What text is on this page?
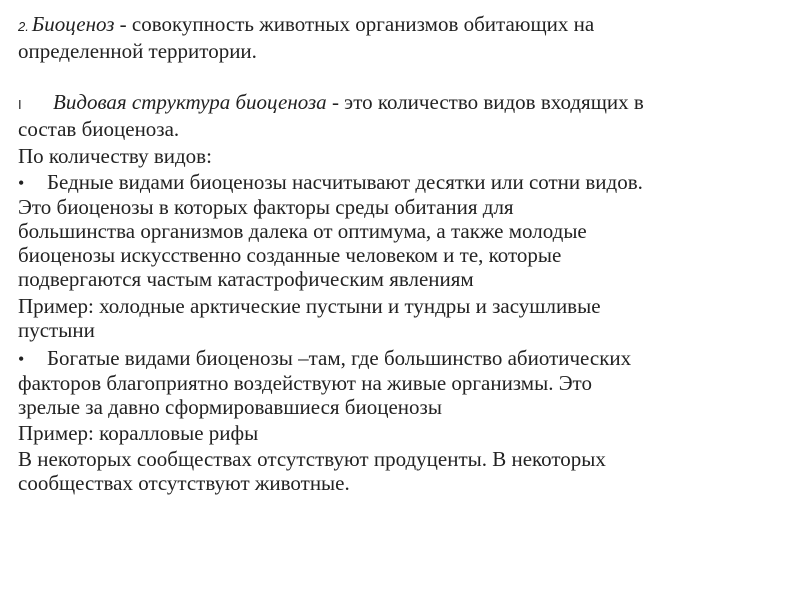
2. Биоценоз - совокупность животных организмов обитающих на
определенной территории.
I Видовая структура биоценоза - это количество видов входящих в
состав биоценоза.
По количеству видов:
• Бедные видами биоценозы насчитывают десятки или сотни видов.
Это биоценозы в которых факторы среды обитания для
большинства организмов далека от оптимума, а также молодые
биоценозы искусственно созданные человеком и те, которые
подвергаются частым катастрофическим явлениям
Пример: холодные арктические пустыни и тундры и засушливые
пустыни
• Богатые видами биоценозы –там, где большинство абиотических
факторов благоприятно воздействуют на живые организмы. Это
зрелые за давно сформировавшиеся биоценозы
Пример: коралловые рифы
В некоторых сообществах отсутствуют продуценты. В некоторых
сообществах отсутствуют животные.
